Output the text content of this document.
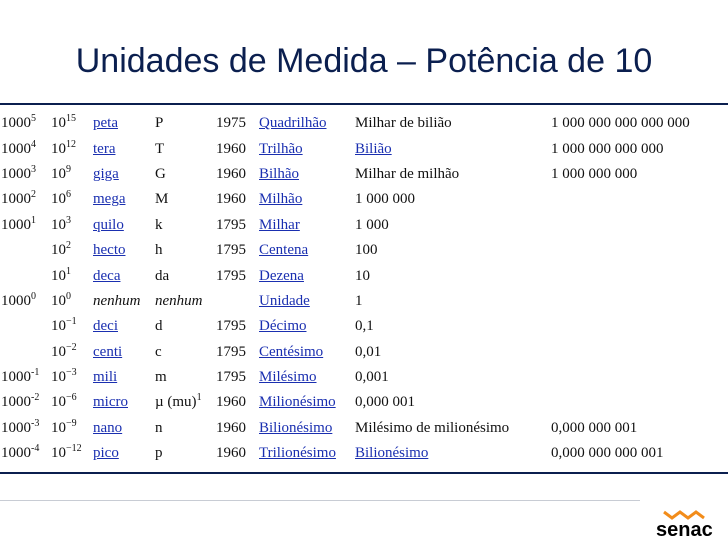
Unidades de Medida – Potência de 10
1000$^5$	$10^{15}$	peta	P	1975	Quadrilhão	Milhar de bilião	1 000 000 000 000 000
1000$^4$	$10^{12}$	tera	T	1960	Trilhão	Bilião	1 000 000 000 000
1000$^3$	$10^9$	giga	G	1960	Bilhão	Milhar de milhão	1 000 000 000
1000$^2$	$10^6$	mega	M	1960	Milhão	1 000 000	
1000$^1$	$10^3$	quilo	k	1795	Milhar	1 000	
	$10^2$	hecto	h	1795	Centena	100	
	$10^1$	deca	da	1795	Dezena	10	
1000$^0$	$10^0$	nenhum	nenhum		Unidade	1	
	$10^{-1}$	deci	d	1795	Décimo	0,1	
	$10^{-2}$	centi	c	1795	Centésimo	0,01	
$1000^{-1}$	$10^{-3}$	mili	m	1795	Milésimo	0,001	
$1000^{-2}$	$10^{-6}$	micro	µ (mu)$^1$	1960	Milionésimo	0,000 001	
$1000^{-3}$	$10^{-9}$	nano	n	1960	Bilionésimo	Milésimo de milionésimo	0,000 000 001
$1000^{-4}$	$10^{-12}$	pico	p	1960	Trilionésimo	Bilionésimo	0,000 000 000 001
senac
